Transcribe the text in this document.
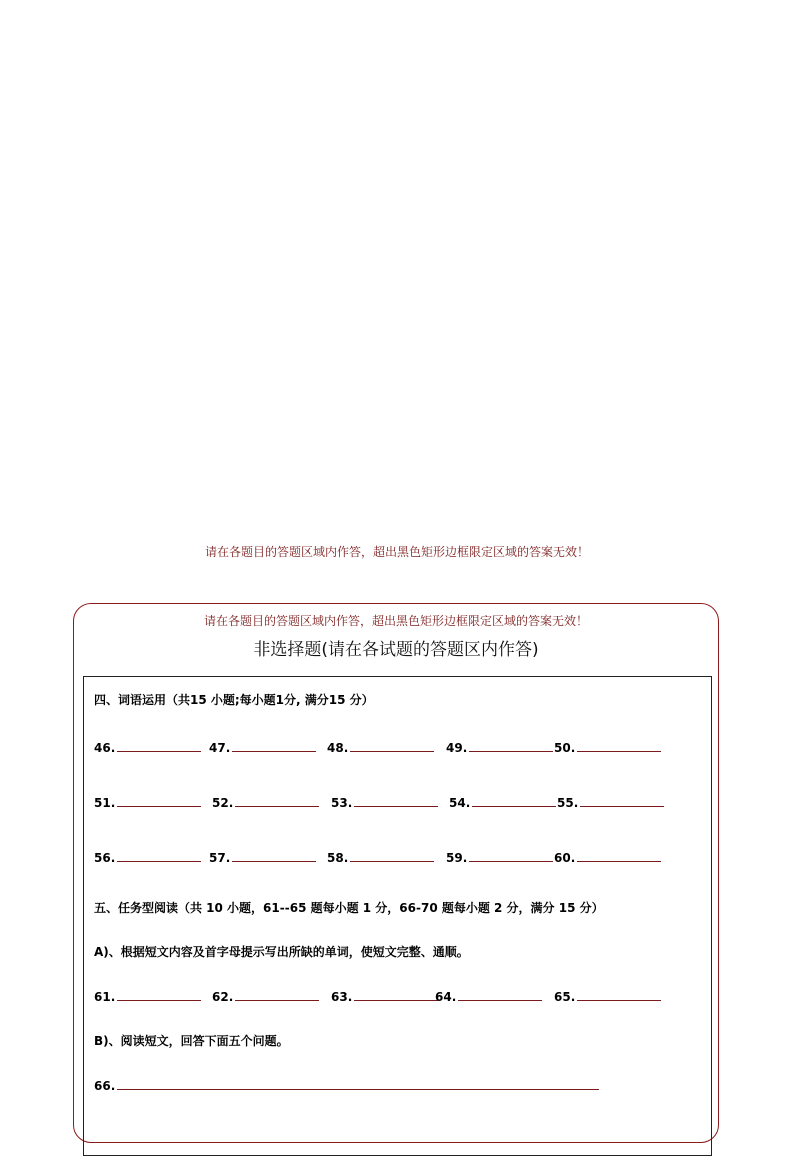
请在各题目的答题区域内作答，超出黑色矩形边框限定区域的答案无效！
请在各题目的答题区域内作答，超出黑色矩形边框限定区域的答案无效！
非选择题(请在各试题的答题区内作答)
四、词语运用（共15 小题;每小题1分, 满分15 分）
46.	47.	48.	49.	50.
51.	52.	53.	54.	55.
56.	57.	58.	59.	60.
五、任务型阅读（共 10 小题，61--65 题每小题 1 分，66-70 题每小题 2 分，满分 15 分）
A)、根据短文内容及首字母提示写出所缺的单词，使短文完整、通顺。
61.	62.	63.	64.	65.
B)、阅读短文，回答下面五个问题。
66.
